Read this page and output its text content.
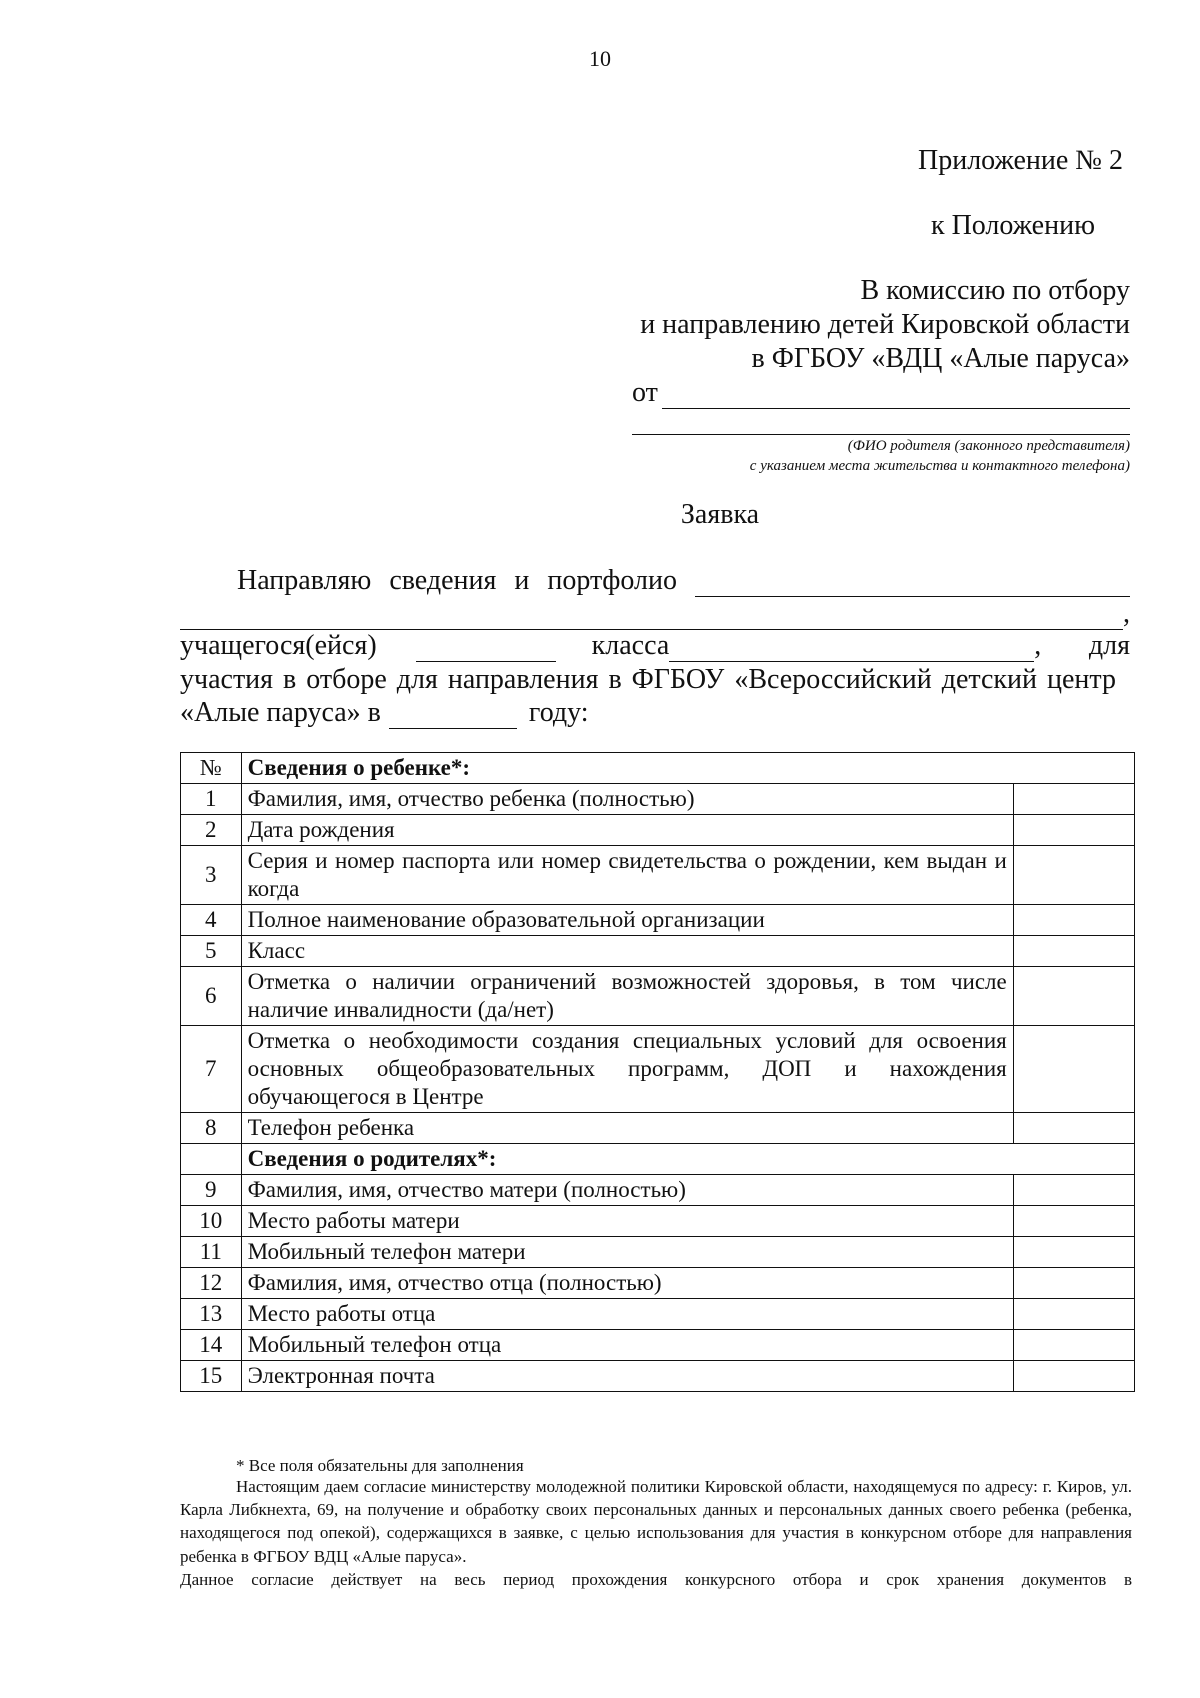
10
Приложение № 2
к Положению
В комиссию по отбору
и направлению детей Кировской области
в ФГБОУ «ВДЦ «Алые паруса»
от
(ФИО родителя (законного представителя)
с указанием места жительства и контактного телефона)
Заявка
Направляю сведения и портфолио
,
учащегося(ейся)	класса	, для
участия в отборе для направления в ФГБОУ «Всероссийский детский центр
«Алые паруса» в	году:
№	Сведения о ребенке*:	
1	Фамилия, имя, отчество ребенка (полностью)	
2	Дата рождения	
3	Серия и номер паспорта или номер свидетельства о рождении, кем выдан и когда	
4	Полное наименование образовательной организации	
5	Класс	
6	Отметка о наличии ограничений возможностей здоровья, в том числе наличие инвалидности (да/нет)	
7	Отметка о необходимости создания специальных условий для освоения основных общеобразовательных программ, ДОП и нахождения обучающегося в Центре	
8	Телефон ребенка	
	Сведения о родителях*:	
9	Фамилия, имя, отчество матери (полностью)	
10	Место работы матери	
11	Мобильный телефон матери	
12	Фамилия, имя, отчество отца (полностью)	
13	Место работы отца	
14	Мобильный телефон отца	
15	Электронная почта	
* Все поля обязательны для заполнения

Настоящим даем согласие министерству молодежной политики Кировской области, находящемуся по адресу: г. Киров, ул. Карла Либкнехта, 69, на получение и обработку своих персональных данных и персональных данных своего ребенка (ребенка, находящегося под опекой), содержащихся в заявке, с целью использования для участия в конкурсном отборе для направления ребенка в ФГБОУ ВДЦ «Алые паруса».

Данное согласие действует на весь период прохождения конкурсного отбора и срок хранения документов в
